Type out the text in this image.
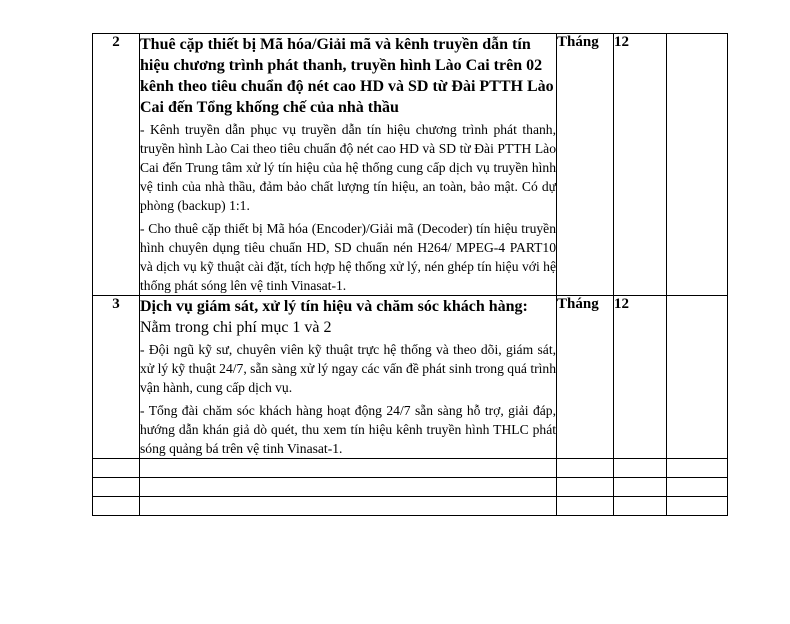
2	Thuê cặp thiết bị Mã hóa/Giải mã và kênh truyền dẫn tín hiệu chương trình phát thanh, truyền hình Lào Cai trên 02 kênh theo tiêu chuẩn độ nét cao HD và SD từ Đài PTTH Lào Cai đến Tổng khống chế của nhà thầu

- Kênh truyền dẫn phục vụ truyền dẫn tín hiệu chương trình phát thanh, truyền hình Lào Cai theo tiêu chuẩn độ nét cao HD và SD từ Đài PTTH Lào Cai đến Trung tâm xử lý tín hiệu của hệ thống cung cấp dịch vụ truyền hình vệ tinh của nhà thầu, đảm bảo chất lượng tín hiệu, an toàn, bảo mật. Có dự phòng (backup) 1:1.

- Cho thuê cặp thiết bị Mã hóa (Encoder)/Giải mã (Decoder) tín hiệu truyền hình chuyên dụng tiêu chuẩn HD, SD chuẩn nén H264/ MPEG-4 PART10 và dịch vụ kỹ thuật cài đặt, tích hợp hệ thống xử lý, nén ghép tín hiệu với hệ thống phát sóng lên vệ tinh Vinasat-1.	Tháng	12	
3	Dịch vụ giám sát, xử lý tín hiệu và chăm sóc khách hàng: Nằm trong chi phí mục 1 và 2

- Đội ngũ kỹ sư, chuyên viên kỹ thuật trực hệ thống và theo dõi, giám sát, xử lý kỹ thuật 24/7, sẵn sàng xử lý ngay các vấn đề phát sinh trong quá trình vận hành, cung cấp dịch vụ.

- Tổng đài chăm sóc khách hàng hoạt động 24/7 sẵn sàng hỗ trợ, giải đáp, hướng dẫn khán giả dò quét, thu xem tín hiệu kênh truyền hình THLC phát sóng quảng bá trên vệ tinh Vinasat-1.	Tháng	12	
